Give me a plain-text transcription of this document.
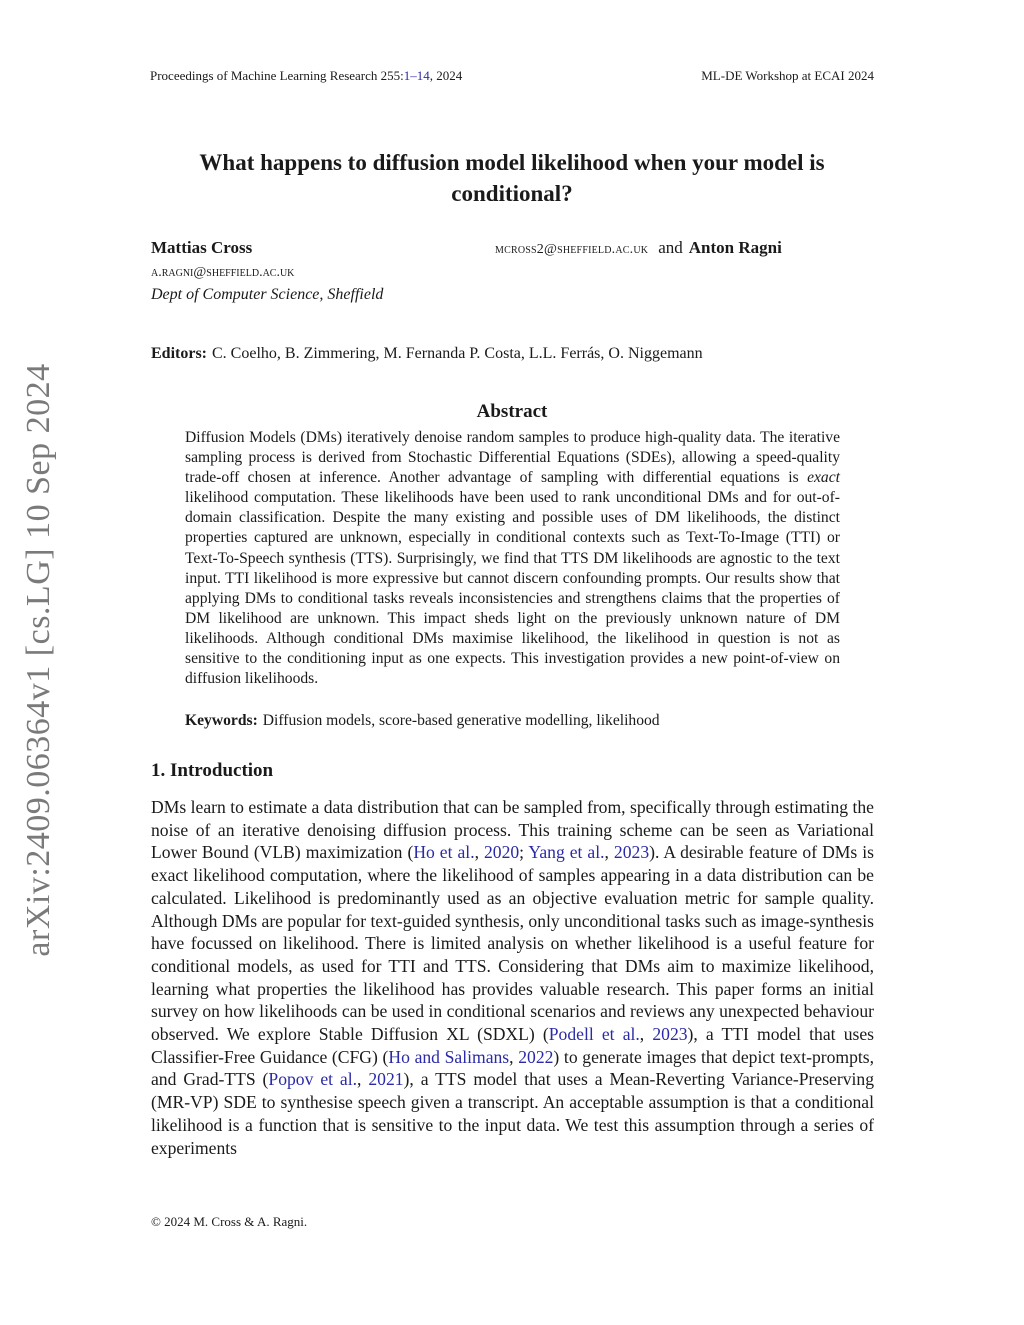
Proceedings of Machine Learning Research 255:1–14, 2024	ML-DE Workshop at ECAI 2024
What happens to diffusion model likelihood when your model is conditional?
Mattias Cross	mcross2@sheffield.ac.uk and Anton Ragni
a.ragni@sheffield.ac.uk
Dept of Computer Science, Sheffield
Editors: C. Coelho, B. Zimmering, M. Fernanda P. Costa, L.L. Ferrás, O. Niggemann
Abstract

Diffusion Models (DMs) iteratively denoise random samples to produce high-quality data. The iterative sampling process is derived from Stochastic Differential Equations (SDEs), allowing a speed-quality trade-off chosen at inference. Another advantage of sampling with differential equations is exact likelihood computation. These likelihoods have been used to rank unconditional DMs and for out-of-domain classification. Despite the many existing and possible uses of DM likelihoods, the distinct properties captured are unknown, especially in conditional contexts such as Text-To-Image (TTI) or Text-To-Speech synthesis (TTS). Surprisingly, we find that TTS DM likelihoods are agnostic to the text input. TTI likelihood is more expressive but cannot discern confounding prompts. Our results show that applying DMs to conditional tasks reveals inconsistencies and strengthens claims that the properties of DM likelihood are unknown. This impact sheds light on the previously unknown nature of DM likelihoods. Although conditional DMs maximise likelihood, the likelihood in question is not as sensitive to the conditioning input as one expects. This investigation provides a new point-of-view on diffusion likelihoods.

Keywords: Diffusion models, score-based generative modelling, likelihood
1. Introduction

DMs learn to estimate a data distribution that can be sampled from, specifically through estimating the noise of an iterative denoising diffusion process. This training scheme can be seen as Variational Lower Bound (VLB) maximization (Ho et al., 2020; Yang et al., 2023). A desirable feature of DMs is exact likelihood computation, where the likelihood of samples appearing in a data distribution can be calculated. Likelihood is predominantly used as an objective evaluation metric for sample quality. Although DMs are popular for text-guided synthesis, only unconditional tasks such as image-synthesis have focussed on likelihood. There is limited analysis on whether likelihood is a useful feature for conditional models, as used for TTI and TTS. Considering that DMs aim to maximize likelihood, learning what properties the likelihood has provides valuable research. This paper forms an initial survey on how likelihoods can be used in conditional scenarios and reviews any unexpected behaviour observed. We explore Stable Diffusion XL (SDXL) (Podell et al., 2023), a TTI model that uses Classifier-Free Guidance (CFG) (Ho and Salimans, 2022) to generate images that depict text-prompts, and Grad-TTS (Popov et al., 2021), a TTS model that uses a Mean-Reverting Variance-Preserving (MR-VP) SDE to synthesise speech given a transcript. An acceptable assumption is that a conditional likelihood is a function that is sensitive to the input data. We test this assumption through a series of experiments

© 2024 M. Cross & A. Ragni.
arXiv:2409.06364v1 [cs.LG] 10 Sep 2024
